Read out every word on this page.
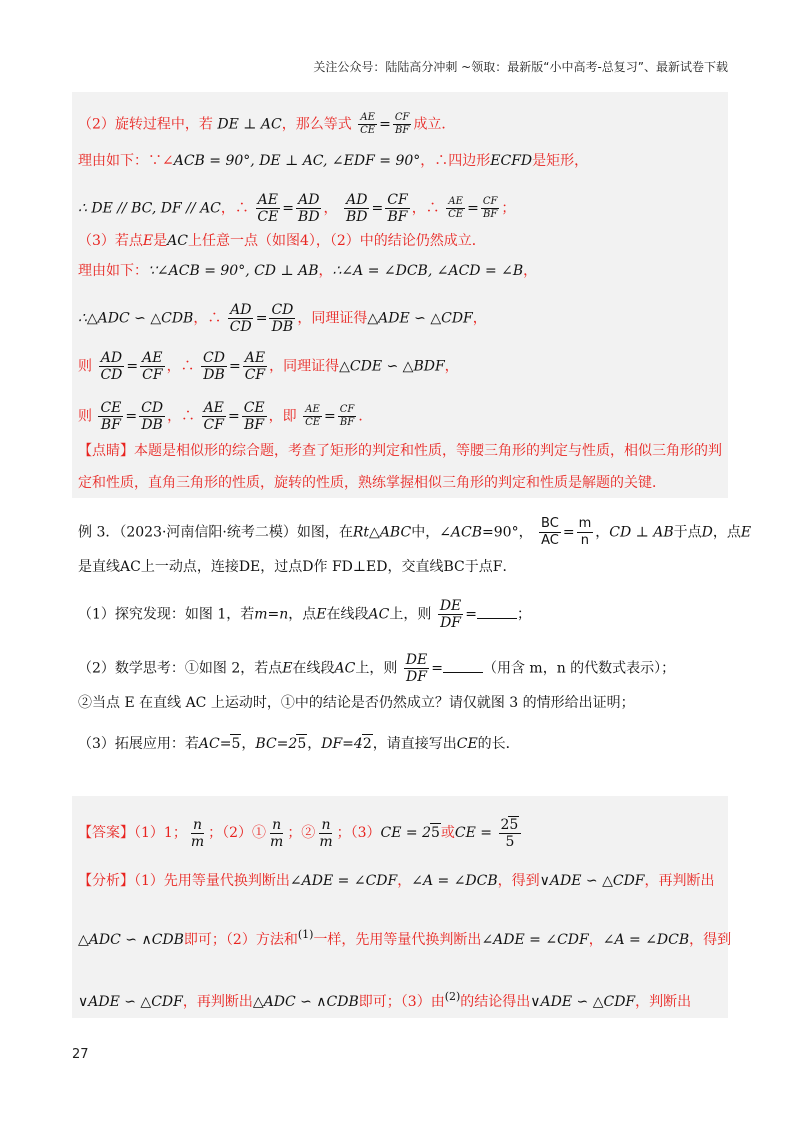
关注公众号：陆陆高分冲刺 ~领取：最新版“小中高考-总复习”、最新试卷下载
（2）旋转过程中，若 DE ⊥ AC，那么等式 $\frac{AE}{CE} = \frac{CF}{BF}$ 成立．
理由如下：∵∠ACB = 90°, DE ⊥ AC, ∠EDF = 90°，∴四边形ECFD是矩形，
∴ DE // BC, DF // AC，∴ $\frac{AE}{CE} = \frac{AD}{BD}$ ， $\frac{AD}{BD} = \frac{CF}{BF}$ ，∴ $\frac{AE}{CE} = \frac{CF}{BF}$ ；
（3）若点E是AC上任意一点（如图4），（2）中的结论仍然成立．
理由如下：∵∠ACB = 90°, CD ⊥ AB，∴∠A = ∠DCB, ∠ACD = ∠B，
∴△ADC ∽ △CDB，∴ $\frac{AD}{CD} = \frac{CD}{DB}$ ，同理证得△ADE ∽ △CDF，
则 $\frac{AD}{CD} = \frac{AE}{CF}$ ，∴ $\frac{CD}{DB} = \frac{AE}{CF}$ ，同理证得△CDE ∽ △BDF，
则 $\frac{CE}{BF} = \frac{CD}{DB}$ ，∴ $\frac{AE}{CF} = \frac{CE}{BF}$ ，即 $\frac{AE}{CE} = \frac{CF}{BF}$ ．
【点睛】本题是相似形的综合题，考查了矩形的判定和性质，等腰三角形的判定与性质，相似三角形的判
定和性质，直角三角形的性质，旋转的性质，熟练掌握相似三角形的判定和性质是解题的关键．
例 3．（2023·河南信阳·统考二模）如图，在Rt△ABC中，∠ACB=90°， $\frac{BC}{AC} = \frac{m}{n}$ ，CD ⊥ AB于点D，点E
是直线AC上一动点，连接DE，过点D作 FD⊥ED，交直线BC于点F．
（1）探究发现：如图 1，若m=n，点E在线段AC上，则 $\frac{DE}{DF}$ =	；
（2）数学思考：①如图 2，若点E在线段AC上，则 $\frac{DE}{DF}$ =	（用含 m，n 的代数式表示）；
②当点 E 在直线 AC 上运动时，①中的结论是否仍然成立？请仅就图 3 的情形给出证明；
（3）拓展应用：若AC=5，BC=25，DF=42，请直接写出CE的长．
【答案】（1）1； $\frac{n}{m}$ ；（2）① $\frac{n}{m}$ ；② $\frac{n}{m}$ ；（3）CE = 25或CE = $\frac{25}{5}$
【分析】（1）先用等量代换判断出∠ADE = ∠CDF，∠A = ∠DCB，得到∨ADE ∽ △CDF，再判断出
△ADC ∽ ∧CDB即可；（2）方法和$^{(1)}$一样，先用等量代换判断出∠ADE = ∠CDF，∠A = ∠DCB，得到
∨ADE ∽ △CDF，再判断出△ADC ∽ ∧CDB即可；（3）由$^{(2)}$的结论得出∨ADE ∽ △CDF，判断出
27
